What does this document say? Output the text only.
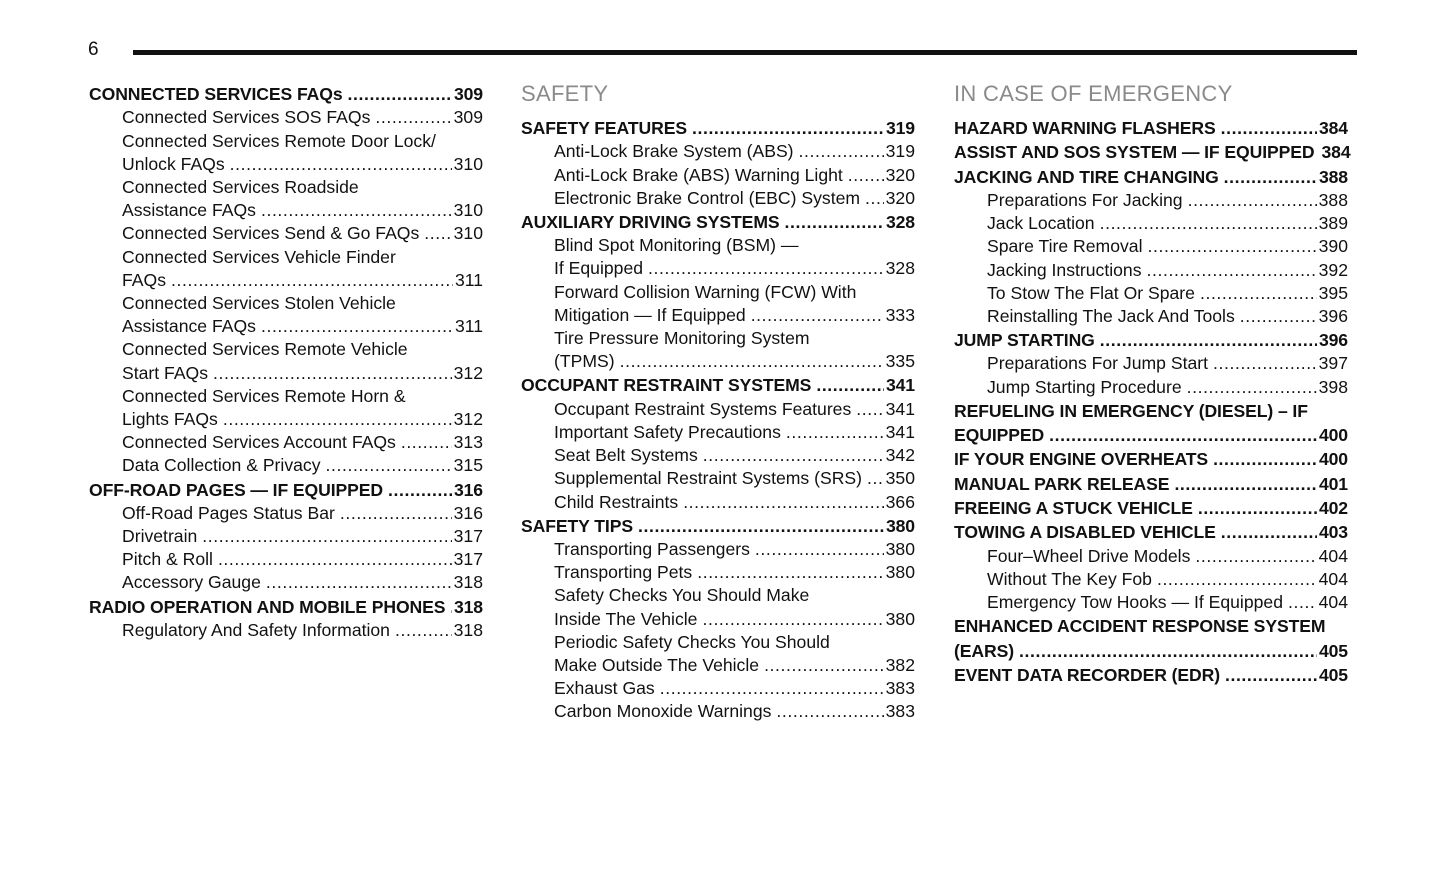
6
CONNECTED SERVICES FAQs .....	309
Connected Services SOS FAQs .....	309
Connected Services Remote Door Lock/
Unlock FAQs .....	310
Connected Services Roadside
Assistance FAQs .....	310
Connected Services Send & Go FAQs ..... 310
Connected Services Vehicle Finder
FAQs .....	311
Connected Services Stolen Vehicle
Assistance FAQs .....	311
Connected Services Remote Vehicle
Start FAQs .....	312
Connected Services Remote Horn &
Lights FAQs .....	312
Connected Services Account FAQs .....	313
Data Collection & Privacy .....	315
OFF-ROAD PAGES — IF EQUIPPED .....	316
Off-Road Pages Status Bar .....	316
Drivetrain .....	317
Pitch & Roll .....	317
Accessory Gauge .....	318
RADIO OPERATION AND MOBILE PHONES ..... 318
Regulatory And Safety Information .....	318
SAFETY
SAFETY FEATURES .....	319
Anti-Lock Brake System (ABS) .....	319
Anti-Lock Brake (ABS) Warning Light ..... 320
Electronic Brake Control (EBC) System ..... 320
AUXILIARY DRIVING SYSTEMS .....	328
Blind Spot Monitoring (BSM) —
If Equipped .....	328
Forward Collision Warning (FCW) With
Mitigation — If Equipped .....	333
Tire Pressure Monitoring System
(TPMS) .....	335
OCCUPANT RESTRAINT SYSTEMS .....	341
Occupant Restraint Systems Features ..... 341
Important Safety Precautions .....	341
Seat Belt Systems .....	342
Supplemental Restraint Systems (SRS) ..... 350
Child Restraints .....	366
SAFETY TIPS .....	380
Transporting Passengers .....	380
Transporting Pets .....	380
Safety Checks You Should Make
Inside The Vehicle .....	380
Periodic Safety Checks You Should
Make Outside The Vehicle .....	382
Exhaust Gas .....	383
Carbon Monoxide Warnings .....	383
IN CASE OF EMERGENCY
HAZARD WARNING FLASHERS .....	384
ASSIST AND SOS SYSTEM — IF EQUIPPED 384
JACKING AND TIRE CHANGING .....	388
Preparations For Jacking .....	388
Jack Location .....	389
Spare Tire Removal .....	390
Jacking Instructions .....	392
To Stow The Flat Or Spare .....	395
Reinstalling The Jack And Tools .....	396
JUMP STARTING .....	396
Preparations For Jump Start .....	397
Jump Starting Procedure .....	398
REFUELING IN EMERGENCY (DIESEL) – IF
EQUIPPED .....	400
IF YOUR ENGINE OVERHEATS .....	400
MANUAL PARK RELEASE .....	401
FREEING A STUCK VEHICLE .....	402
TOWING A DISABLED VEHICLE .....	403
Four–Wheel Drive Models .....	404
Without The Key Fob .....	404
Emergency Tow Hooks — If Equipped ..... 404
ENHANCED ACCIDENT RESPONSE SYSTEM
(EARS) .....	405
EVENT DATA RECORDER (EDR) .....	405
